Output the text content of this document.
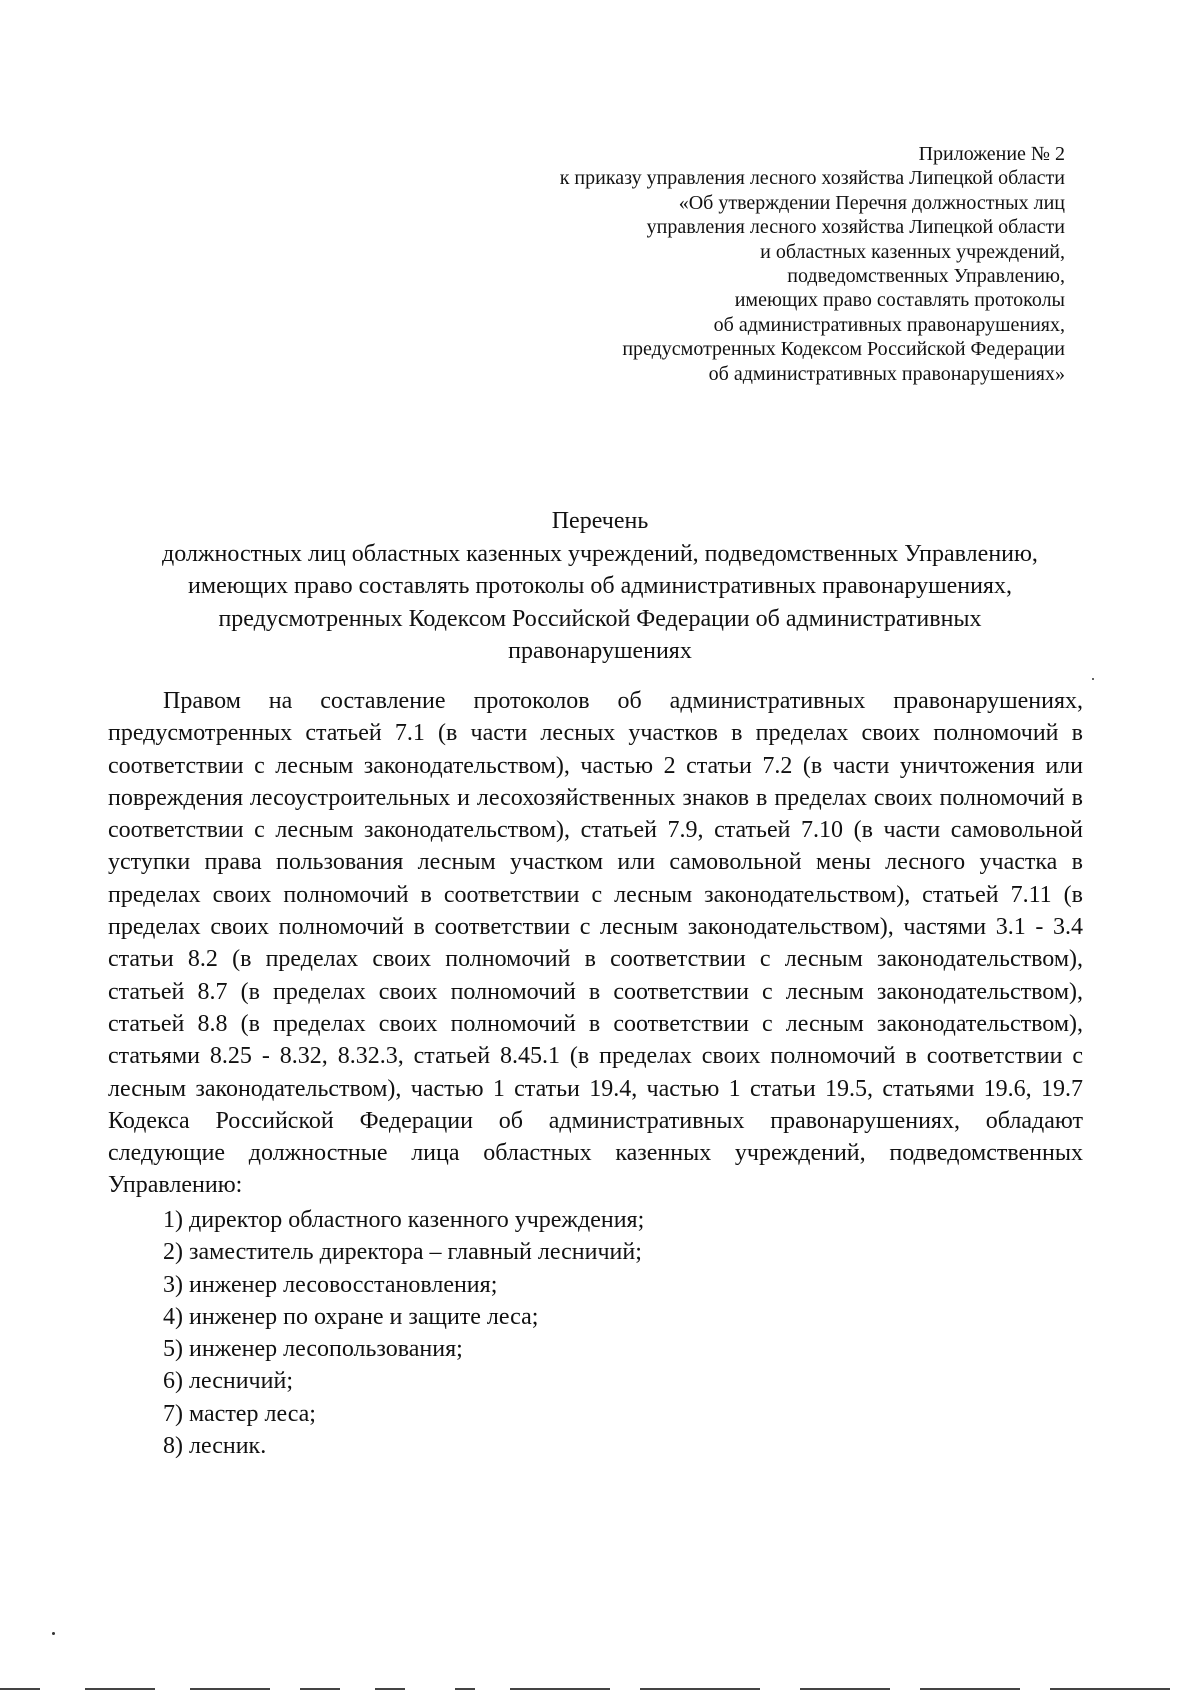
Приложение № 2
к приказу управления лесного хозяйства Липецкой области
«Об утверждении Перечня должностных лиц
управления лесного хозяйства Липецкой области
и областных казенных учреждений,
подведомственных Управлению,
имеющих право составлять протоколы
об административных правонарушениях,
предусмотренных Кодексом Российской Федерации
об административных правонарушениях»
Перечень
должностных лиц областных казенных учреждений, подведомственных Управлению,
имеющих право составлять протоколы об административных правонарушениях,
предусмотренных Кодексом Российской Федерации об административных
правонарушениях

Правом на составление протоколов об административных правонарушениях, предусмотренных статьей 7.1 (в части лесных участков в пределах своих полномочий в соответствии с лесным законодательством), частью 2 статьи 7.2 (в части уничтожения или повреждения лесоустроительных и лесохозяйственных знаков в пределах своих полномочий в соответствии с лесным законодательством), статьей 7.9, статьей 7.10 (в части самовольной уступки права пользования лесным участком или самовольной мены лесного участка в пределах своих полномочий в соответствии с лесным законодательством), статьей 7.11 (в пределах своих полномочий в соответствии с лесным законодательством), частями 3.1 - 3.4 статьи 8.2 (в пределах своих полномочий в соответствии с лесным законодательством), статьей 8.7 (в пределах своих полномочий в соответствии с лесным законодательством), статьей 8.8 (в пределах своих полномочий в соответствии с лесным законодательством), статьями 8.25 - 8.32, 8.32.3, статьей 8.45.1 (в пределах своих полномочий в соответствии с лесным законодательством), частью 1 статьи 19.4, частью 1 статьи 19.5, статьями 19.6, 19.7 Кодекса Российской Федерации об административных правонарушениях, обладают следующие должностные лица областных казенных учреждений, подведомственных Управлению:

1) директор областного казенного учреждения;
2) заместитель директора – главный лесничий;
3) инженер лесовосстановления;
4) инженер по охране и защите леса;
5) инженер лесопользования;
6) лесничий;
7) мастер леса;
8) лесник.
